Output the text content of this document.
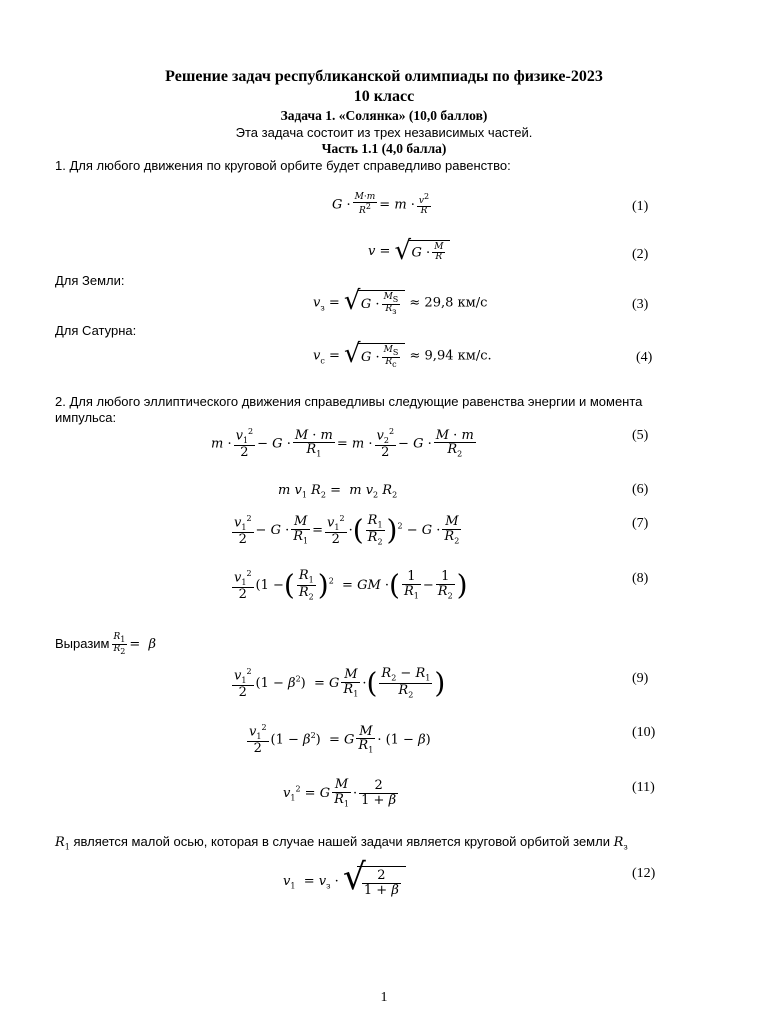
Решение задач республиканской олимпиады по физике-2023
10 класс
Задача 1. «Солянка» (10,0 баллов)
Эта задача состоит из трех независимых частей.
Часть 1.1 (4,0 балла)
1. Для любого движения по круговой орбите будет справедливо равенство:
$G \cdot \frac{M\cdot m}{R^2} = m \cdot \frac{v^2}{R}$	(1)
v = √ $G \cdot \frac{M}{R}$	(2)
Для Земли:
$v_з$ = √ G ·
$M_S$
$R_з$
≈ 29,8 км/c	(3)
Для Сатурна:
$v_c$ = √ $G \cdot \frac{M_S}{R_c} \approx 9,94$ км/c.	(4)
2. Для любого эллиптического движения справедливы следующие равенства энергии и момента
импульса:
$m \cdot \frac{v_1^2}{2} - G \cdot \frac{M \cdot m}{R_1} = m \cdot \frac{v_2^2}{2} - G \cdot \frac{M \cdot m}{R_2}$	(5)
m $v_1$ $R_2 = m$ $v_2$ $R_2$	(6)
$\frac{v_1^2}{2} - G \cdot \frac{M}{R_1} = \frac{v_1^2}{2}$ ·( $\frac{R_1}{R_2} )^2 - G \cdot \frac{M}{R_2}$	(7)
$\frac{v_1^2}{2} (1$ −( $\frac{R_1}{R_2} )^2$  = GM ·( $\frac{1}{R_1} - \frac{1}{R_2}$ )	(8)
Выразим $\frac{R_1}{R_2} = \beta$
$\frac{v_1^2}{2} (1 - \beta^2) = G \frac{M}{R_1}$ ·( $\frac{R_2 - R_1}{R_2}$ )	(9)
$\frac{v_1^2}{2} (1 - \beta^2) = G \frac{M}{R_1} \cdot (1 - \beta)$	(10)
$v_1^2 = G \frac{M}{R_1} \cdot \frac{2}{1 + \beta}$	(11)
$R_1$ является малой осью, которая в случае нашей задачи является круговой орбитой земли $R_з$
$v_1 = v_з$ · √
$\frac{2}{1 + \beta}$	(12)
1
